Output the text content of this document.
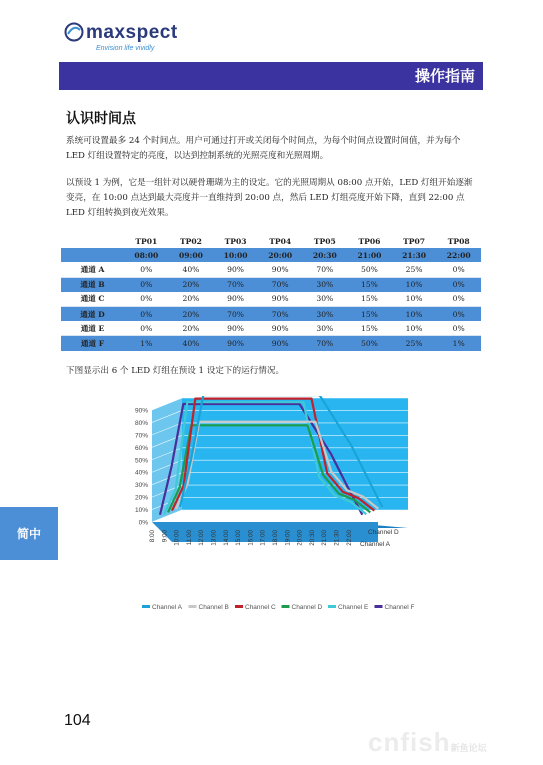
maxspect
Envision life vividly
操作指南
认识时间点
系统可设置最多 24 个时间点。用户可通过打开或关闭每个时间点，为每个时间点设置时间值，并为每个 LED 灯组设置特定的亮度，以达到控制系统的光照亮度和光照周期。
以预设 1 为例，它是一组针对以硬骨珊瑚为主的设定。它的光照周期从 08:00 点开始，LED 灯组开始逐渐变亮，在 10:00 点达到最大亮度并一直维持到 20:00 点，然后 LED 灯组亮度开始下降，直到 22:00 点 LED 灯组转换到夜光效果。
	TP01	TP02	TP03	TP04	TP05	TP06	TP07	TP08
	08:00	09:00	10:00	20:00	20:30	21:00	21:30	22:00
通道 A	0%	40%	90%	90%	70%	50%	25%	0%
通道 B	0%	20%	70%	70%	30%	15%	10%	0%
通道 C	0%	20%	90%	90%	30%	15%	10%	0%
通道 D	0%	20%	70%	70%	30%	15%	10%	0%
通道 E	0%	20%	90%	90%	30%	15%	10%	0%
通道 F	1%	40%	90%	90%	70%	50%	25%	1%
下图显示出 6 个 LED 灯组在预设 1 设定下的运行情况。
0%
10%
20%
30%
40%
50%
60%
70%
80%
90%
Channel D
Channel A
8:00 9:00 10:00 11:00 12:00 13:00 14:00 15:00 16:00 17:00 18:00 19:00 20:00 20:30 21:00 21:30 22:00
Channel A	Channel B Channel C Channel D Channel E Channel F
简中
104
cnfish新鱼论坛
